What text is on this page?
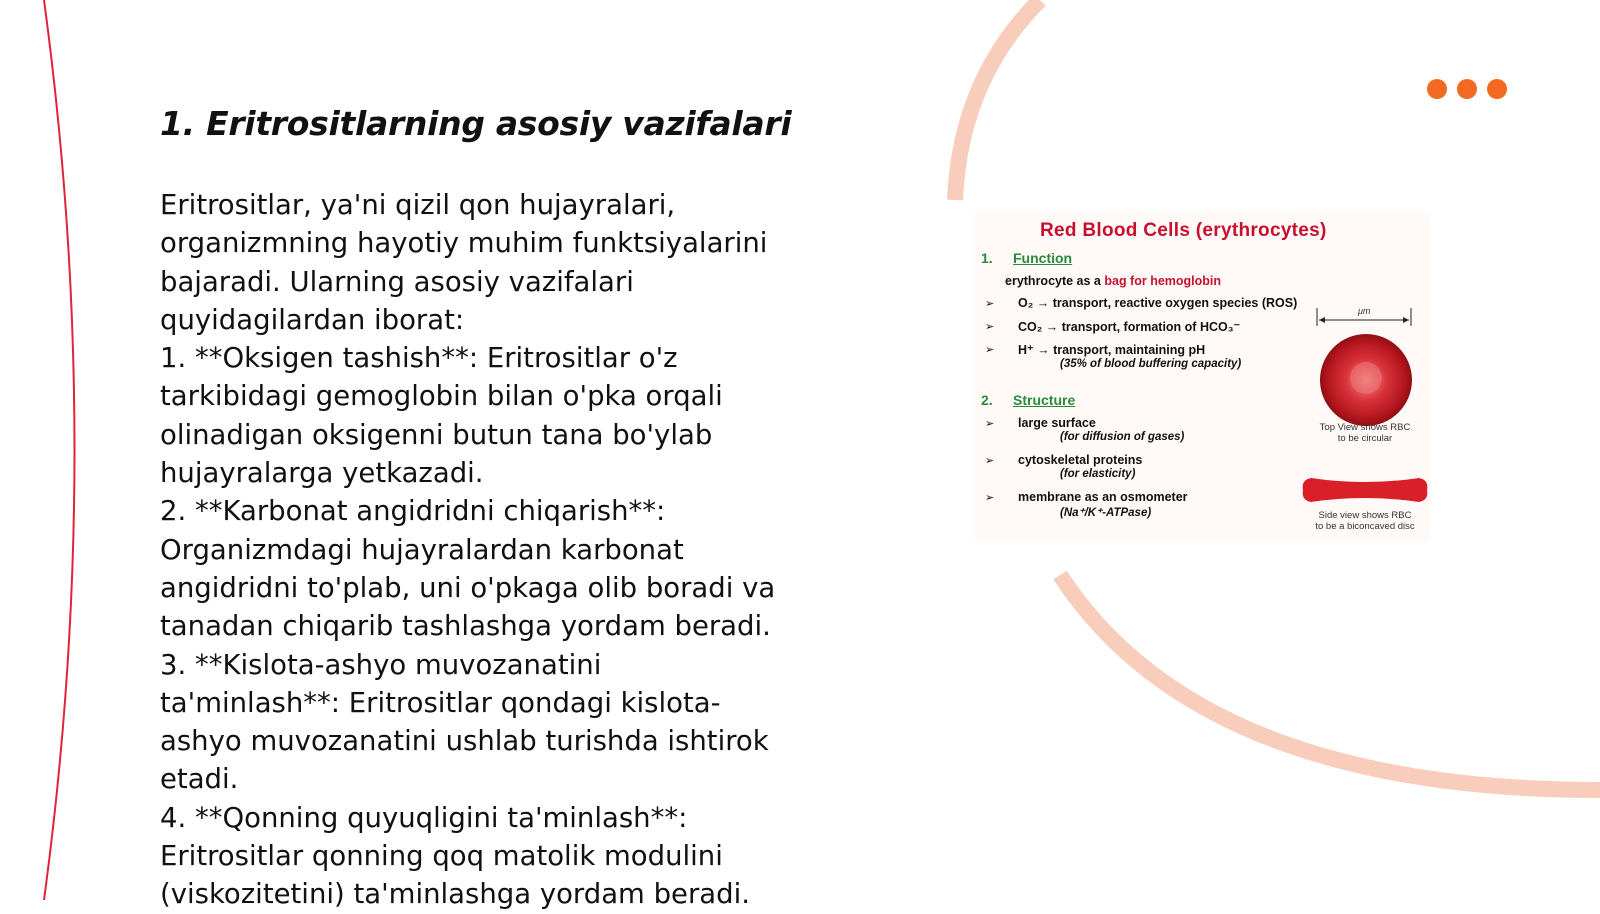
1. Eritrositlarning asosiy vazifalari
Eritrositlar, ya'ni qizil qon hujayralari,
organizmning hayotiy muhim funktsiyalarini
bajaradi. Ularning asosiy vazifalari
quyidagilardan iborat:
1. **Oksigen tashish**: Eritrositlar o'z
tarkibidagi gemoglobin bilan o'pka orqali
olinadigan oksigenni butun tana bo'ylab
hujayralarga yetkazadi.
2. **Karbonat angidridni chiqarish**:
Organizmdagi hujayralardan karbonat
angidridni to'plab, uni o'pkaga olib boradi va
tanadan chiqarib tashlashga yordam beradi.
3. **Kislota-ashyo muvozanatini
ta'minlash**: Eritrositlar qondagi kislota-
ashyo muvozanatini ushlab turishda ishtirok
etadi.
4. **Qonning quyuqligini ta'minlash**:
Eritrositlar qonning qoq matolik modulini
(viskozitetini) ta'minlashga yordam beradi.
Red Blood Cells (erythrocytes)
1. Function
erythrocyte as a bag for hemoglobin
➢ O₂ → transport, reactive oxygen species (ROS)
➢ CO₂ → transport, formation of HCO₃⁻
➢ H⁺ → transport, maintaining pH
(35% of blood buffering capacity)
2. Structure
➢ large surface
(for diffusion of gases)
➢ cytoskeletal proteins
(for elasticity)
➢ membrane as an osmometer
(Na⁺/K⁺-ATPase)
μm
Top View shows RBC
to be circular
Side view shows RBC
to be a biconcaved disc
